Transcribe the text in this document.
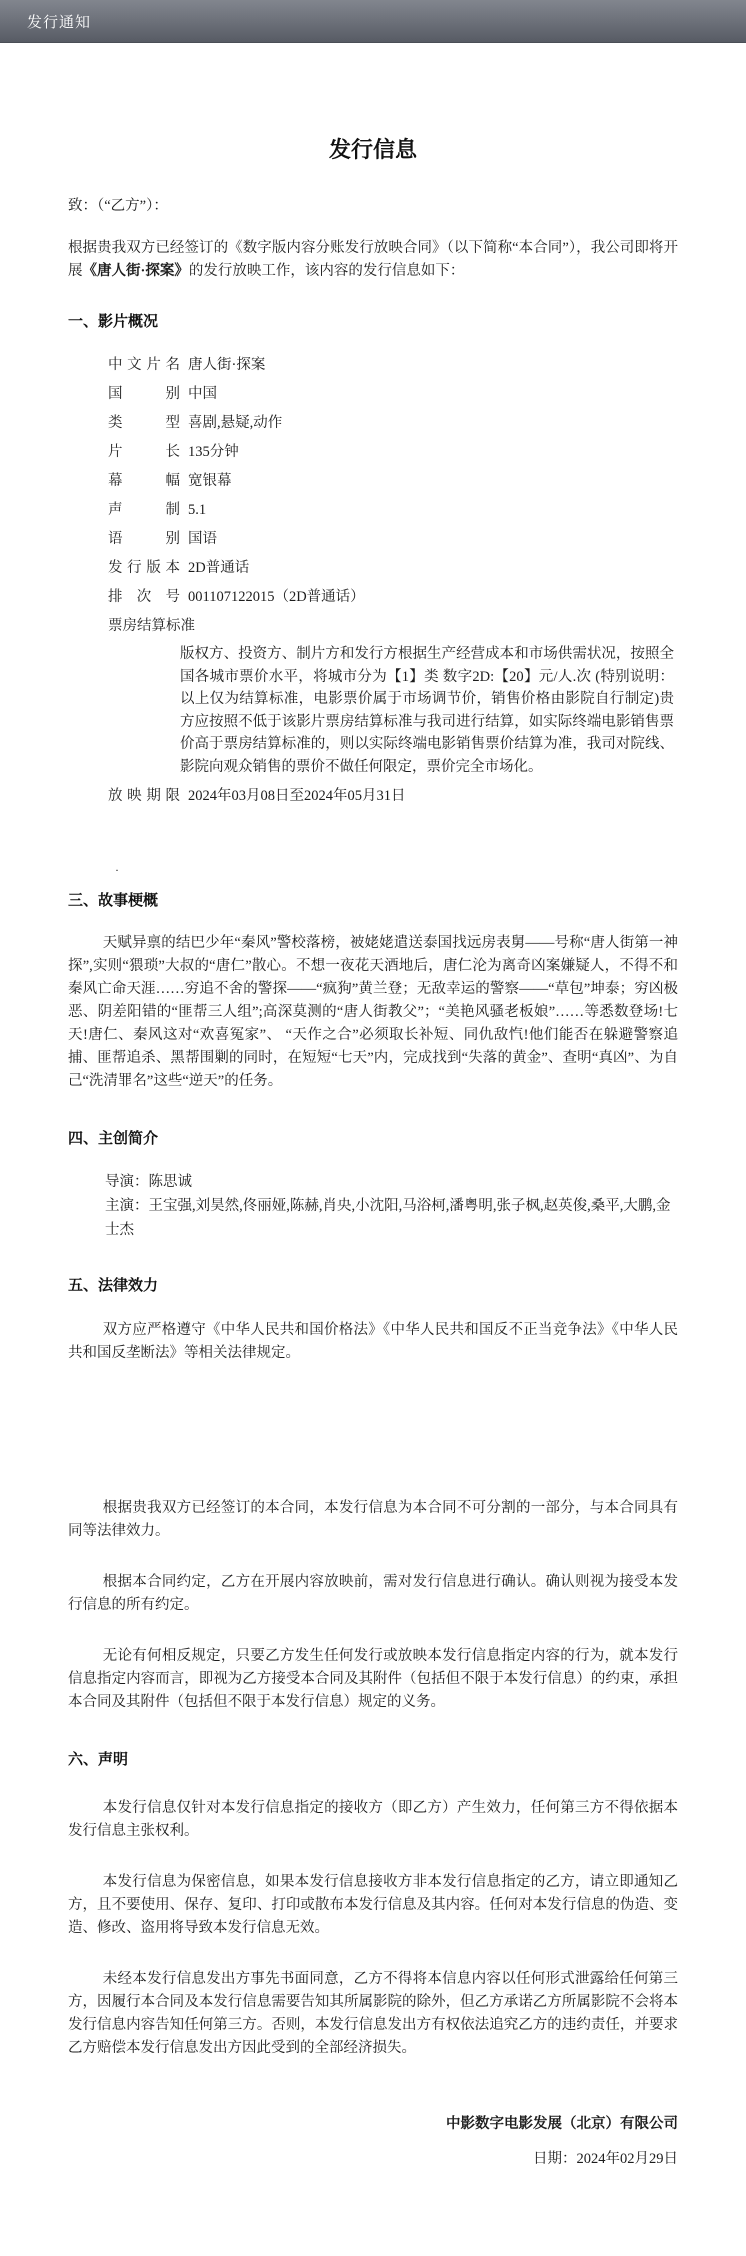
发行通知
发行信息
致：（“乙方”）：

根据贵我双方已经签订的《数字版内容分账发行放映合同》（以下简称“本合同”），我公司即将开展《唐人街·探案》的发行放映工作，该内容的发行信息如下：

一、影片概况
中文片名 唐人街·探案
国别 中国
类型 喜剧,悬疑,动作
片长 135分钟
幕幅 宽银幕
声制 5.1
语别 国语
发行版本 2D普通话
排次号 001107122015（2D普通话）
票房结算标准
版权方、投资方、制片方和发行方根据生产经营成本和市场供需状况，按照全国各城市票价水平，将城市分为【1】类 数字2D:【20】元/人.次 (特别说明：以上仅为结算标准，电影票价属于市场调节价，销售价格由影院自行制定)贵方应按照不低于该影片票房结算标准与我司进行结算，如实际终端电影销售票价高于票房结算标准的，则以实际终端电影销售票价结算为准，我司对院线、影院向观众销售的票价不做任何限定，票价完全市场化。
放映期限 2024年03月08日至2024年05月31日
·
三、故事梗概

天赋异禀的结巴少年“秦风”警校落榜，被姥姥遣送泰国找远房表舅——号称“唐人街第一神探”,实则“猥琐”大叔的“唐仁”散心。不想一夜花天酒地后，唐仁沦为离奇凶案嫌疑人，不得不和秦风亡命天涯……穷追不舍的警探——“疯狗”黄兰登；无敌幸运的警察——“草包”坤泰；穷凶极恶、阴差阳错的“匪帮三人组”;高深莫测的“唐人街教父”；“美艳风骚老板娘”……等悉数登场!七天!唐仁、秦风这对“欢喜冤家”、 “天作之合”必须取长补短、同仇敌忾!他们能否在躲避警察追捕、匪帮追杀、黑帮围剿的同时，在短短“七天”内，完成找到“失落的黄金”、查明“真凶”、为自己“洗清罪名”这些“逆天”的任务。

四、主创简介
导演：陈思诚
主演：王宝强,刘昊然,佟丽娅,陈赫,肖央,小沈阳,马浴柯,潘粤明,张子枫,赵英俊,桑平,大鹏,金士杰
五、法律效力

双方应严格遵守《中华人民共和国价格法》《中华人民共和国反不正当竞争法》《中华人民共和国反垄断法》等相关法律规定。

根据贵我双方已经签订的本合同，本发行信息为本合同不可分割的一部分，与本合同具有同等法律效力。

根据本合同约定，乙方在开展内容放映前，需对发行信息进行确认。确认则视为接受本发行信息的所有约定。

无论有何相反规定，只要乙方发生任何发行或放映本发行信息指定内容的行为，就本发行信息指定内容而言，即视为乙方接受本合同及其附件（包括但不限于本发行信息）的约束，承担本合同及其附件（包括但不限于本发行信息）规定的义务。

六、声明

本发行信息仅针对本发行信息指定的接收方（即乙方）产生效力，任何第三方不得依据本发行信息主张权利。

本发行信息为保密信息，如果本发行信息接收方非本发行信息指定的乙方，请立即通知乙方，且不要使用、保存、复印、打印或散布本发行信息及其内容。任何对本发行信息的伪造、变造、修改、盗用将导致本发行信息无效。

未经本发行信息发出方事先书面同意，乙方不得将本信息内容以任何形式泄露给任何第三方，因履行本合同及本发行信息需要告知其所属影院的除外，但乙方承诺乙方所属影院不会将本发行信息内容告知任何第三方。否则，本发行信息发出方有权依法追究乙方的违约责任，并要求乙方赔偿本发行信息发出方因此受到的全部经济损失。

中影数字电影发展（北京）有限公司
日期：2024年02月29日
